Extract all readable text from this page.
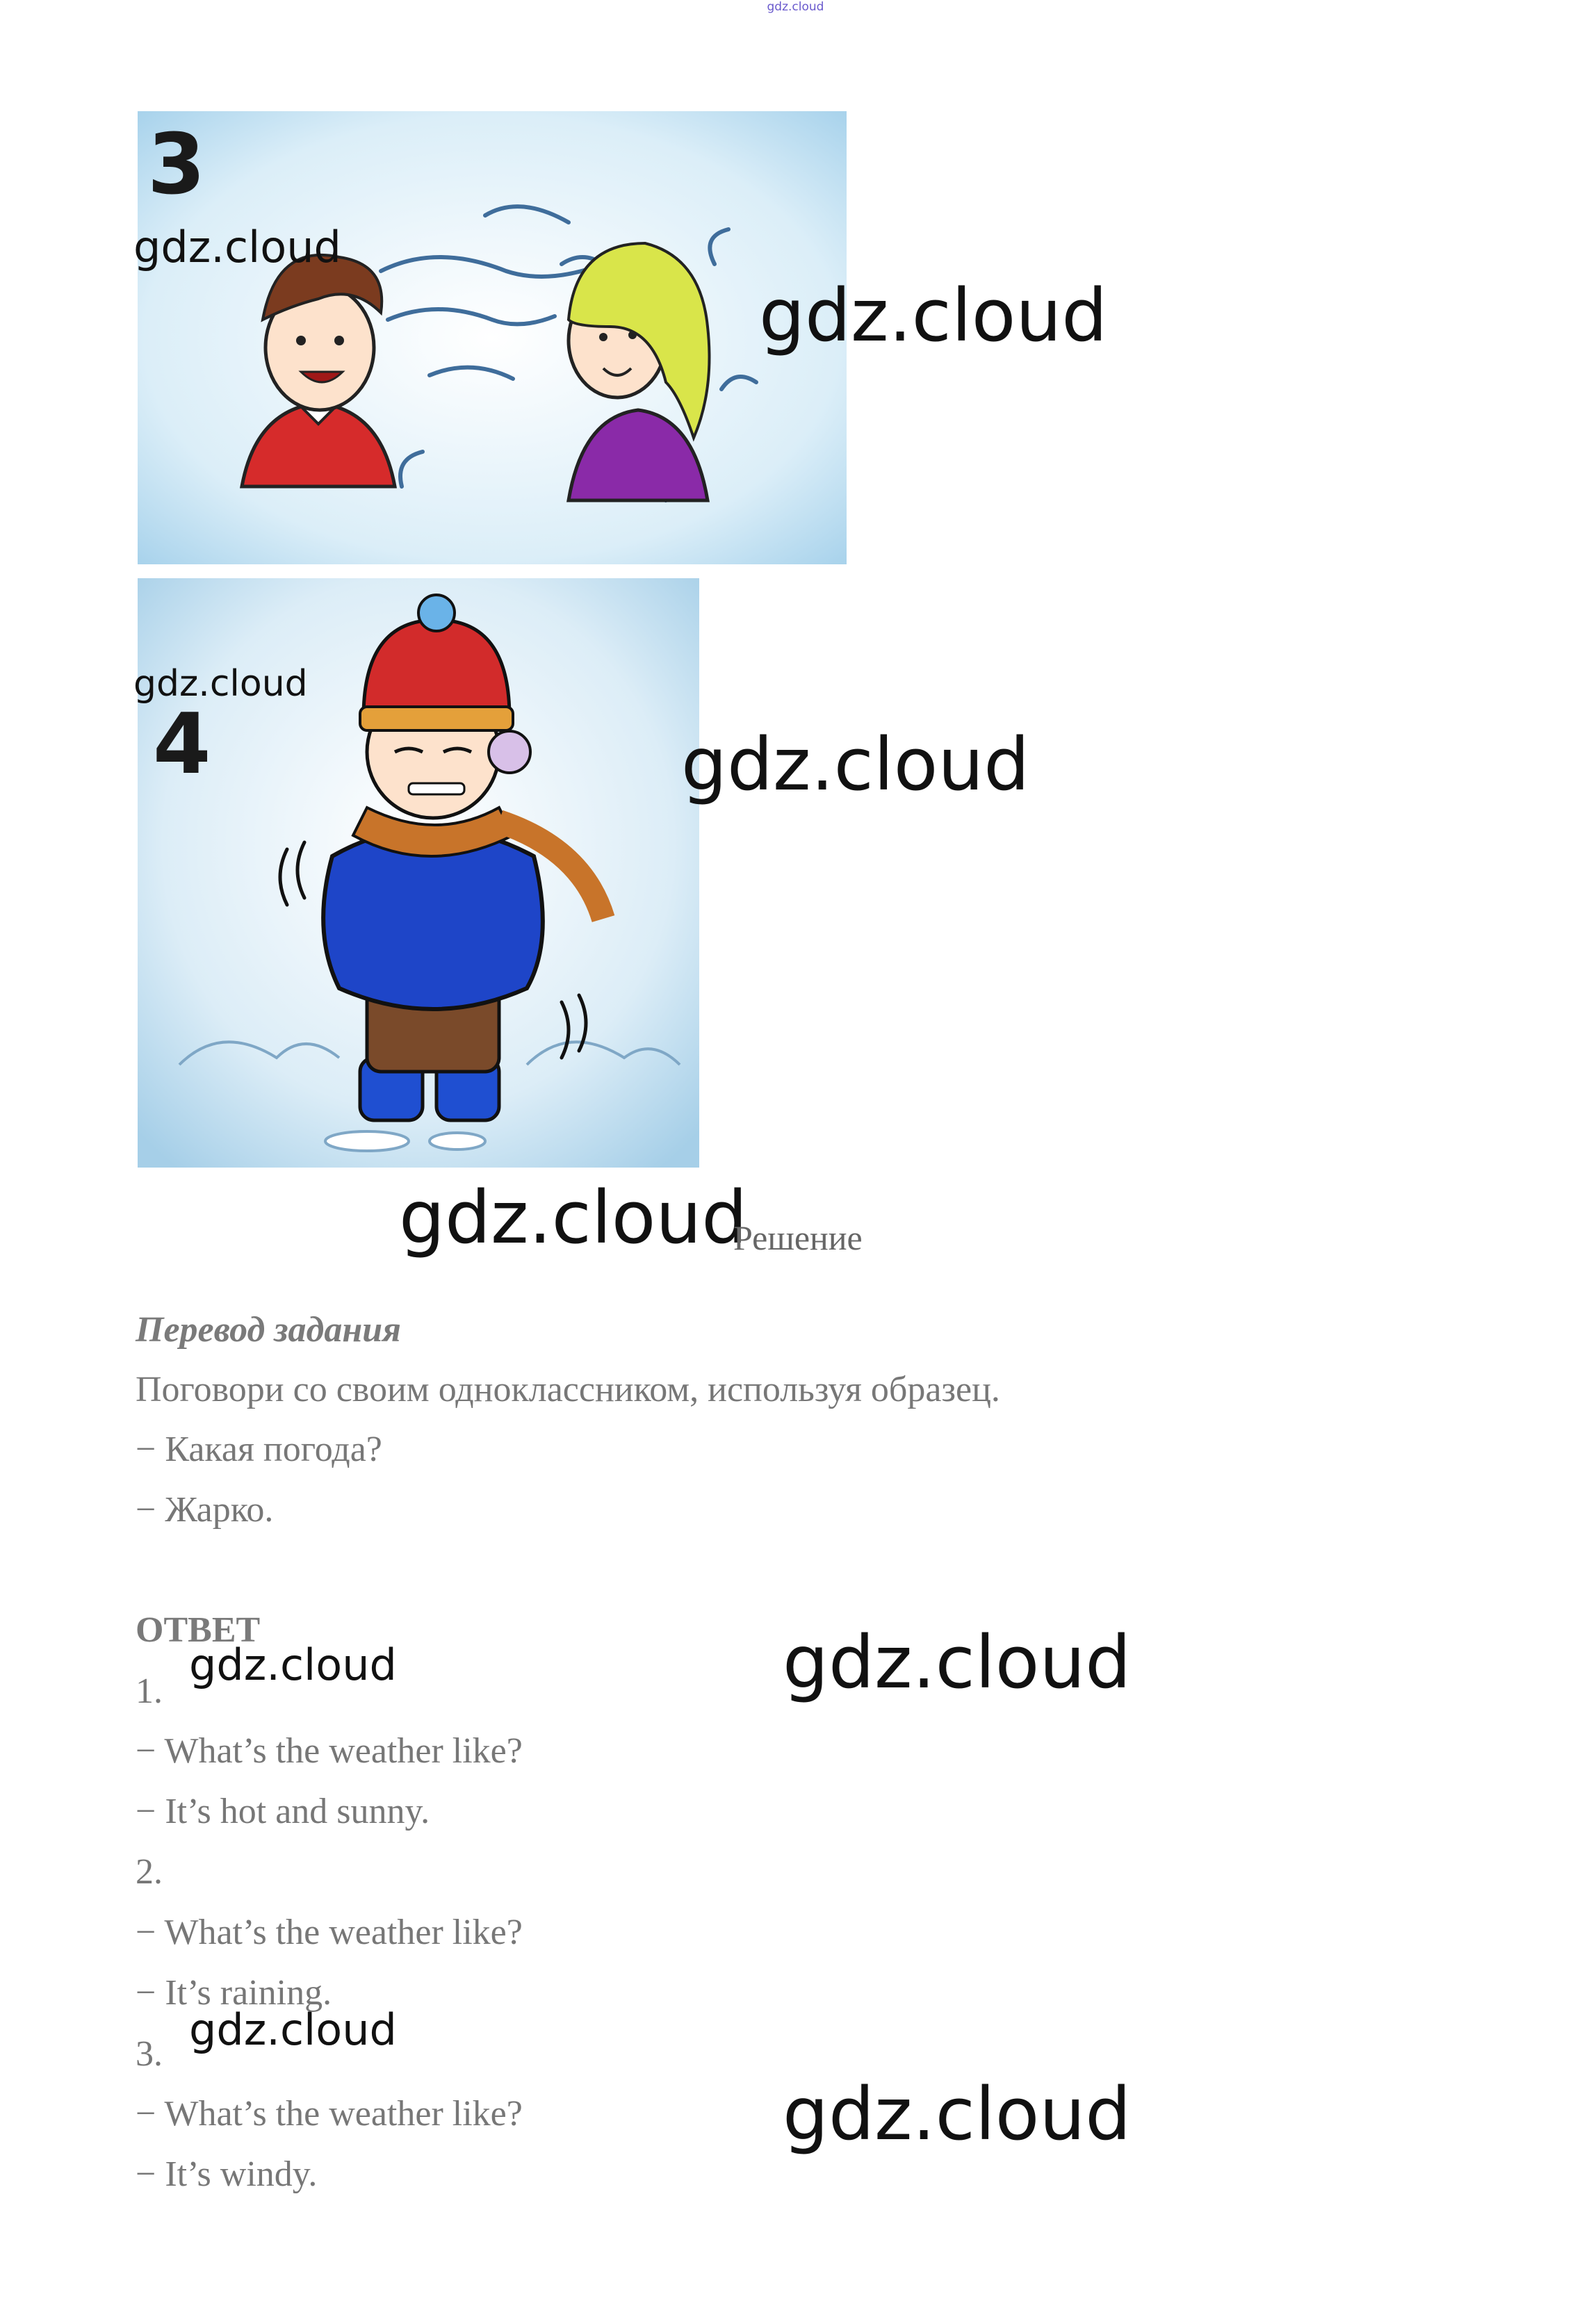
gdz.cloud
3
4
gdz.cloud
gdz.cloud
gdz.cloud
gdz.cloud
gdz.cloud
gdz.cloud	gdz.cloud
gdz.cloud
gdz.cloud
Решение
Перевод задания
Поговори со своим одноклассником, используя образец.
− Какая погода?
− Жарко.
ОТВЕТ
1.
− What’s the weather like?
− It’s hot and sunny.
2.
− What’s the weather like?
− It’s raining.
3.
− What’s the weather like?
− It’s windy.
